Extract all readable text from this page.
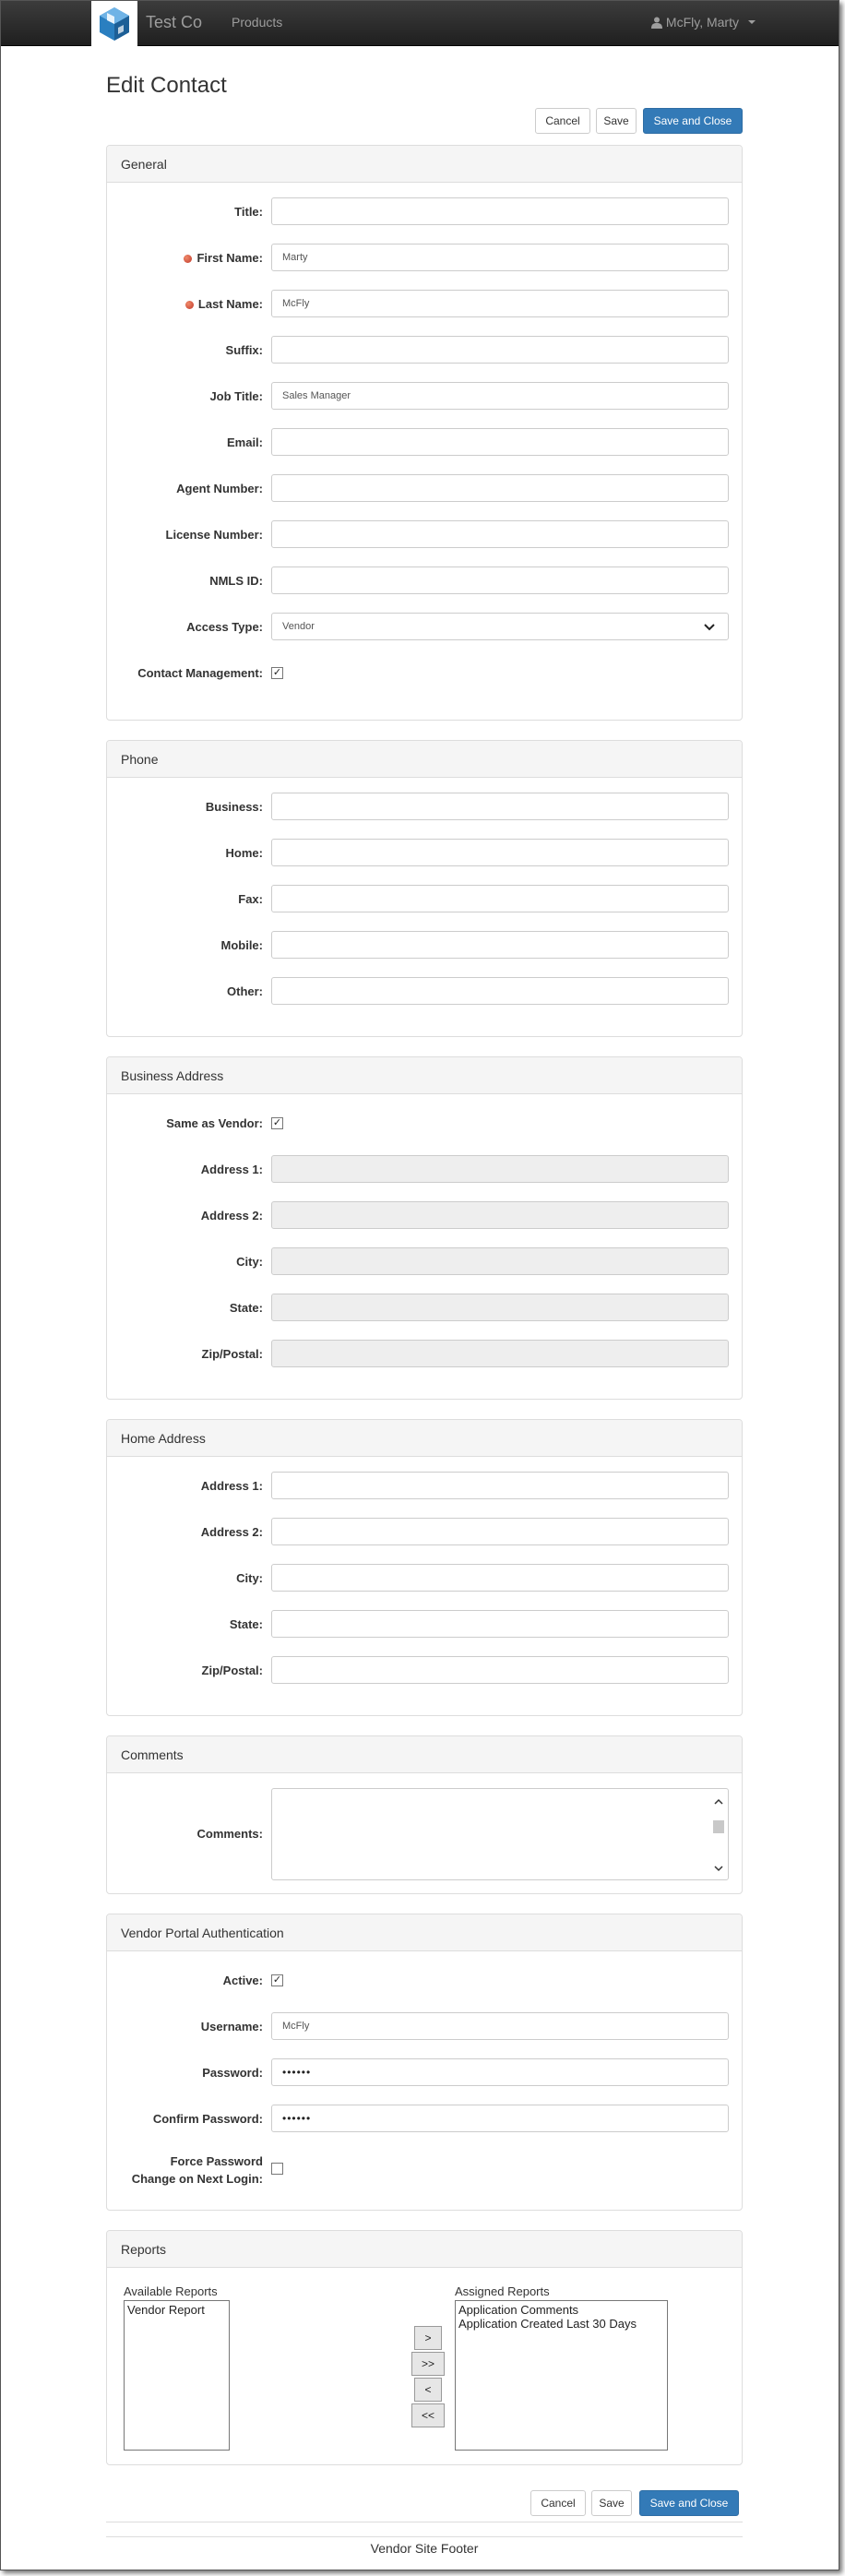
Test Co Products	McFly, Marty
Edit Contact
Cancel	Save	Save and Close
General
Title:
First Name:	Marty
Last Name:	McFly
Suffix:
Job Title:	Sales Manager
Email:
Agent Number:
License Number:
NMLS ID:
Access Type:	Vendor
Contact Management: ✓
Phone
Business:
Home:
Fax:
Mobile:
Other:
Business Address
Same as Vendor: ✓
Address 1:
Address 2:
City:
State:
Zip/Postal:
Home Address
Address 1:
Address 2:
City:
State:
Zip/Postal:
Comments
Comments:
Vendor Portal Authentication
Active: ✓
Username:	McFly
Password:	••••••
Confirm Password:	••••••
Force Password
Change on Next Login:
Reports
Available Reports
Vendor Report
>
>>
<
<<
Assigned Reports
Application Comments
Application Created Last 30 Days
Cancel	Save	Save and Close
Vendor Site Footer
